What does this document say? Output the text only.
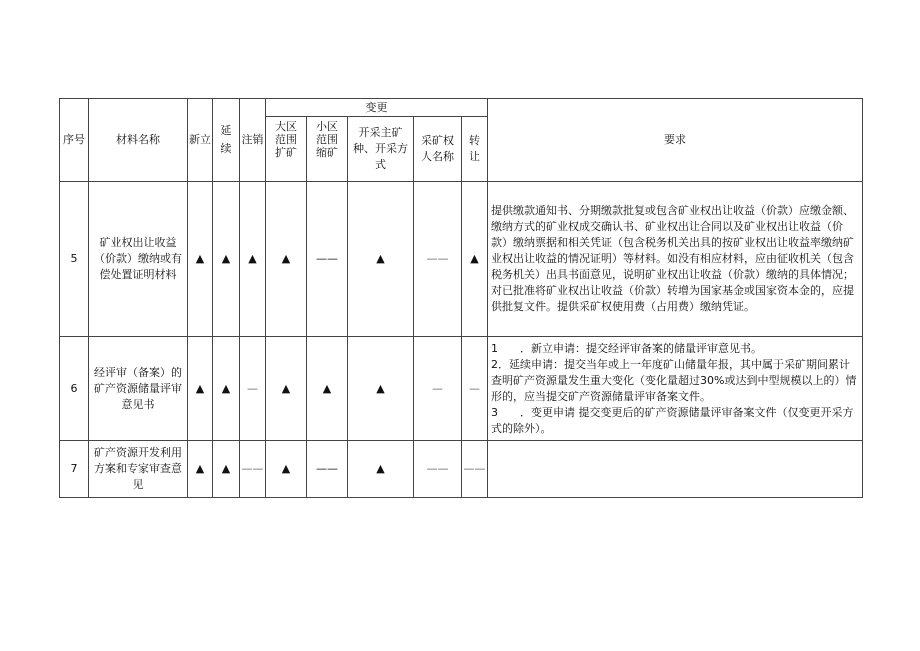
序号	材料名称	新立	延续	注销	变更					要求

					大区范围扩矿	小区范围缩矿	开采主矿种、开采方式	采矿权人名称	转让	

5	矿业权出让收益（价款）缴纳或有偿处置证明材料	▲	▲	▲	▲	——	▲	——	▲	提供缴款通知书、分期缴款批复或包含矿业权出让收益（价款）应缴金额、缴纳方式的矿业权成交确认书、矿业权出让合同以及矿业权出让收益（价款）缴纳票据和相关凭证（包含税务机关出具的按矿业权出让收益率缴纳矿业权出让收益的情况证明）等材料。如没有相应材料，应由征收机关（包含税务机关）出具书面意见，说明矿业权出让收益（价款）缴纳的具体情况；对已批准将矿业权出让收益（价款）转增为国家基金或国家资本金的，应提供批复文件。提供采矿权使用费（占用费）缴纳凭证。
6	经评审（备案）的矿产资源储量评审意见书	▲	▲	—	▲	▲	▲	—	—	1　　．新立申请：提交经评审备案的储量评审意见书。

2．延续申请：提交当年或上一年度矿山储量年报，其中属于采矿期间累计查明矿产资源量发生重大变化（变化量超过30%或达到中型规模以上的）情形的，应当提交矿产资源储量评审备案文件。

3　　．变更申请 提交变更后的矿产资源储量评审备案文件（仅变更开采方式的除外）。

7	矿产资源开发利用方案和专家审查意见	▲	▲	——	▲	——	▲	——	——	
